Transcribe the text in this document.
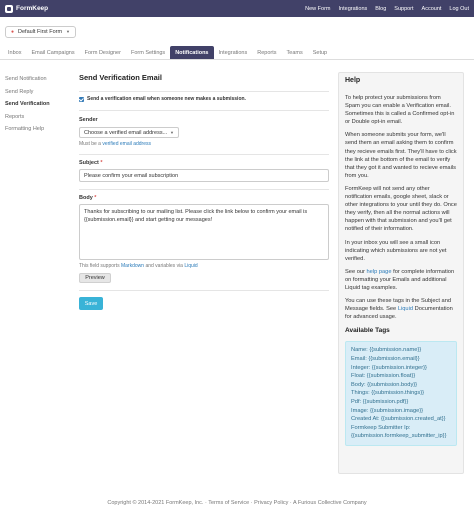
FormKeep	New Form Integrations Blog Support Account Log Out
● Default First Form ▼
Inbox	Email Campaigns	Form Designer	Form Settings	Notifications	Integrations	Reports	Teams	Setup
Send Notification
Send Reply
Send Verification
Reports
Formatting Help
Send Verification Email
Send a verification email when someone new makes a submission.
Sender
Choose a verified email address... ▼
Must be a verified email address
Subject *
Please confirm your email subscription
Body *
Thanks for subscribing to our mailing list. Please click the link below to confirm your email is {{submission.email}} and start getting our messages!
This field supports Markdown and variables via Liquid
Preview
Save
Help

To help protect your submissions from Spam you can enable a Verification email. Sometimes this is called a Confirmed opt-in or Double opt-in email.

When someone submits your form, we'll send them an email asking them to confirm they recieve emails first. They'll have to click the link at the bottom of the email to verify that they got it and wanted to recieve emails from you.

FormKeep will not send any other notification emails, google sheet, slack or other integrations to your until they do. Once they verify, then all the normal actions will happen with that submission and you'll get notified of their information.

In your inbox you will see a small icon indicating which submissions are not yet verified.

See our help page for complete information on formatting your Emails and additional Liquid tag examples.

You can use these tags in the Subject and Message fields. See Liquid Documentation for advanced usage.

Available Tags
Name: {{submission.name}}
Email: {{submission.email}}
Integer: {{submission.integer}}
Float: {{submission.float}}
Body: {{submission.body}}
Things: {{submission.things}}
Pdf: {{submission.pdf}}
Image: {{submission.image}}
Created At: {{submission.created_at}}
Formkeep Submitter Ip:
{{submission.formkeep_submitter_ip}}
Copyright © 2014-2021 FormKeep, Inc. · Terms of Service · Privacy Policy · A Furious Collective Company
